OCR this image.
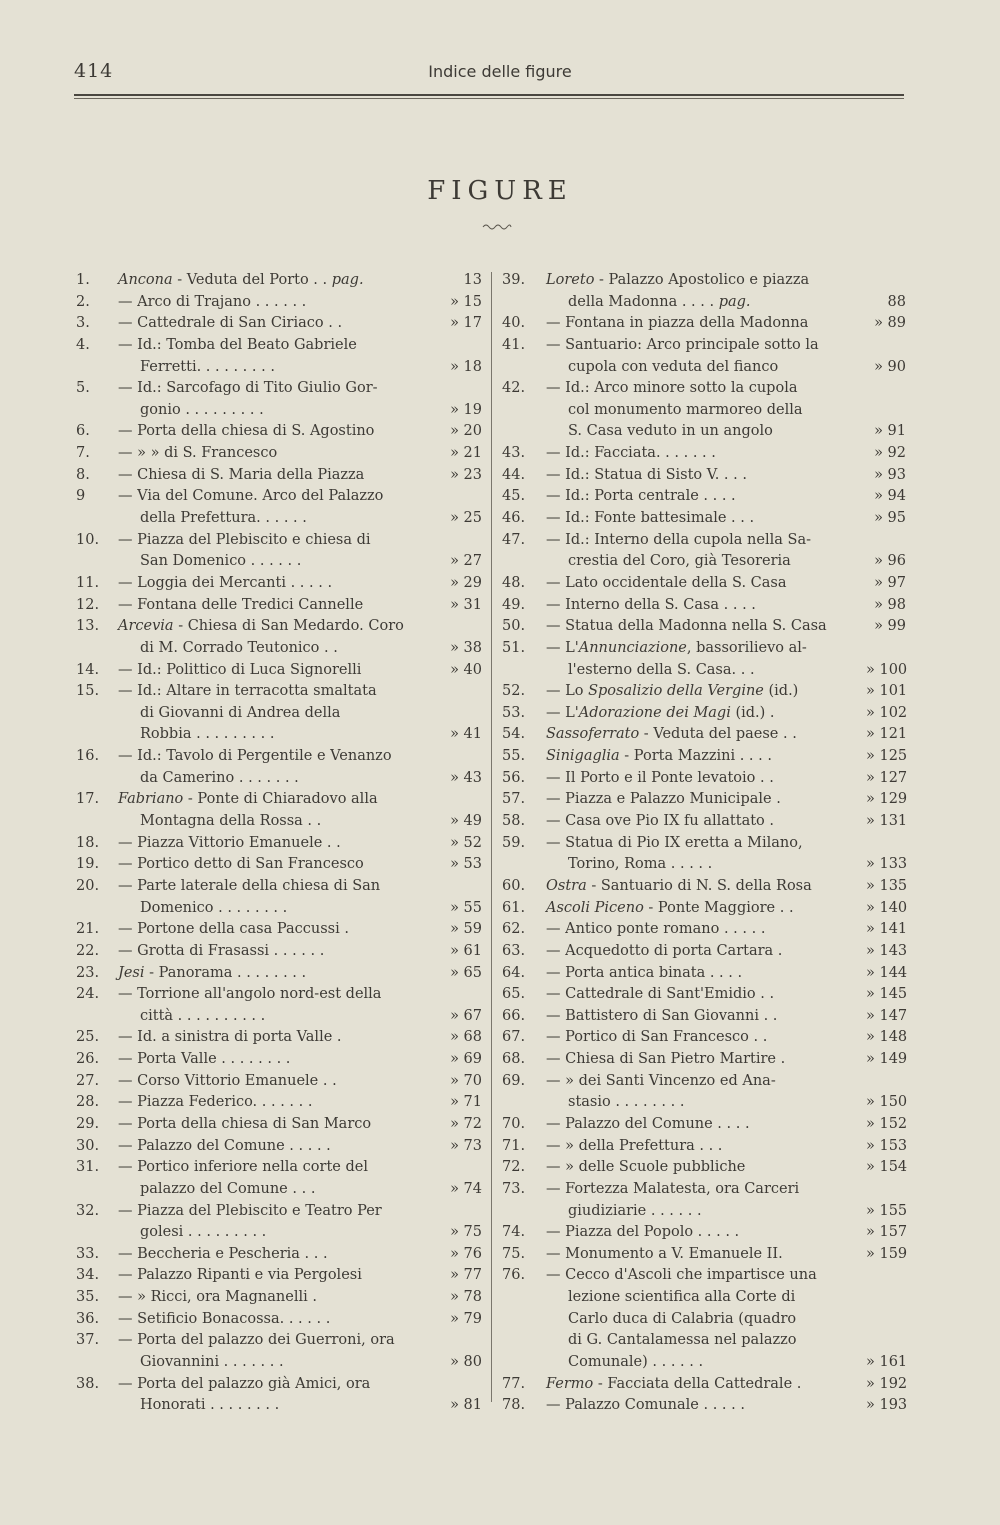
414	Indice delle figure
FIGURE
1. Ancona - Veduta del Porto . . pag.	13
2. — Arco di Trajano . . . . . .	» 15
3. — Cattedrale di San Ciriaco . .	» 17
4. — Id.: Tomba del Beato Gabriele
Ferretti. . . . . . . . .	» 18
5. — Id.: Sarcofago di Tito Giulio Gor-
gonio . . . . . . . . .	» 19
6. — Porta della chiesa di S. Agostino	» 20
7. — » » di S. Francesco	» 21
8. — Chiesa di S. Maria della Piazza	» 23
9 — Via del Comune. Arco del Palazzo
della Prefettura. . . . . .	» 25
10. — Piazza del Plebiscito e chiesa di
San Domenico . . . . . .	» 27
11. — Loggia dei Mercanti . . . . .	» 29
12. — Fontana delle Tredici Cannelle	» 31
13. Arcevia - Chiesa di San Medardo. Coro
di M. Corrado Teutonico . .	» 38
14. — Id.: Polittico di Luca Signorelli	» 40
15. — Id.: Altare in terracotta smaltata
di Giovanni di Andrea della
Robbia . . . . . . . . .	» 41
16. — Id.: Tavolo di Pergentile e Venanzo
da Camerino . . . . . . .	» 43
17. Fabriano - Ponte di Chiaradovo alla
Montagna della Rossa . .	» 49
18. — Piazza Vittorio Emanuele . .	» 52
19. — Portico detto di San Francesco	» 53
20. — Parte laterale della chiesa di San
Domenico . . . . . . . .	» 55
21. — Portone della casa Paccussi .	» 59
22. — Grotta di Frasassi . . . . . .	» 61
23. Jesi - Panorama . . . . . . . .	» 65
24. — Torrione all'angolo nord-est della
città . . . . . . . . . .	» 67
25. — Id. a sinistra di porta Valle .	» 68
26. — Porta Valle . . . . . . . .	» 69
27. — Corso Vittorio Emanuele . .	» 70
28. — Piazza Federico. . . . . . .	» 71
29. — Porta della chiesa di San Marco	» 72
30. — Palazzo del Comune . . . . .	» 73
31. — Portico inferiore nella corte del
palazzo del Comune . . .	» 74
32. — Piazza del Plebiscito e Teatro Per
golesi . . . . . . . . .	» 75
33. — Beccheria e Pescheria . . .	» 76
34. — Palazzo Ripanti e via Pergolesi	» 77
35. — » Ricci, ora Magnanelli .	» 78
36. — Setificio Bonacossa. . . . . .	» 79
37. — Porta del palazzo dei Guerroni, ora
Giovannini . . . . . . .	» 80
38. — Porta del palazzo già Amici, ora
Honorati . . . . . . . .	» 81
39. Loreto - Palazzo Apostolico e piazza
della Madonna . . . . pag.	88
40. — Fontana in piazza della Madonna	» 89
41. — Santuario: Arco principale sotto la
cupola con veduta del fianco	» 90
42. — Id.: Arco minore sotto la cupola
col monumento marmoreo della
S. Casa veduto in un angolo	» 91
43. — Id.: Facciata. . . . . . .	» 92
44. — Id.: Statua di Sisto V. . . .	» 93
45. — Id.: Porta centrale . . . .	» 94
46. — Id.: Fonte battesimale . . .	» 95
47. — Id.: Interno della cupola nella Sa-
crestia del Coro, già Tesoreria	» 96
48. — Lato occidentale della S. Casa	» 97
49. — Interno della S. Casa . . . .	» 98
50. — Statua della Madonna nella S. Casa	» 99
51. — L'Annunciazione, bassorilievo al-
l'esterno della S. Casa. . .	» 100
52. — Lo Sposalizio della Vergine (id.)	» 101
53. — L'Adorazione dei Magi (id.) .	» 102
54. Sassoferrato - Veduta del paese . .	» 121
55. Sinigaglia - Porta Mazzini . . . .	» 125
56. — Il Porto e il Ponte levatoio . .	» 127
57. — Piazza e Palazzo Municipale .	» 129
58. — Casa ove Pio IX fu allattato .	» 131
59. — Statua di Pio IX eretta a Milano,
Torino, Roma . . . . .	» 133
60. Ostra - Santuario di N. S. della Rosa	» 135
61. Ascoli Piceno - Ponte Maggiore . .	» 140
62. — Antico ponte romano . . . . .	» 141
63. — Acquedotto di porta Cartara .	» 143
64. — Porta antica binata . . . .	» 144
65. — Cattedrale di Sant'Emidio . .	» 145
66. — Battistero di San Giovanni . .	» 147
67. — Portico di San Francesco . .	» 148
68. — Chiesa di San Pietro Martire .	» 149
69. — » dei Santi Vincenzo ed Ana-
stasio . . . . . . . .	» 150
70. — Palazzo del Comune . . . .	» 152
71. — » della Prefettura . . .	» 153
72. — » delle Scuole pubbliche	» 154
73. — Fortezza Malatesta, ora Carceri
giudiziarie . . . . . .	» 155
74. — Piazza del Popolo . . . . .	» 157
75. — Monumento a V. Emanuele II.	» 159
76. — Cecco d'Ascoli che impartisce una
lezione scientifica alla Corte di
Carlo duca di Calabria (quadro
di G. Cantalamessa nel palazzo
Comunale) . . . . . .	» 161
77. Fermo - Facciata della Cattedrale .	» 192
78. — Palazzo Comunale . . . . .	» 193
